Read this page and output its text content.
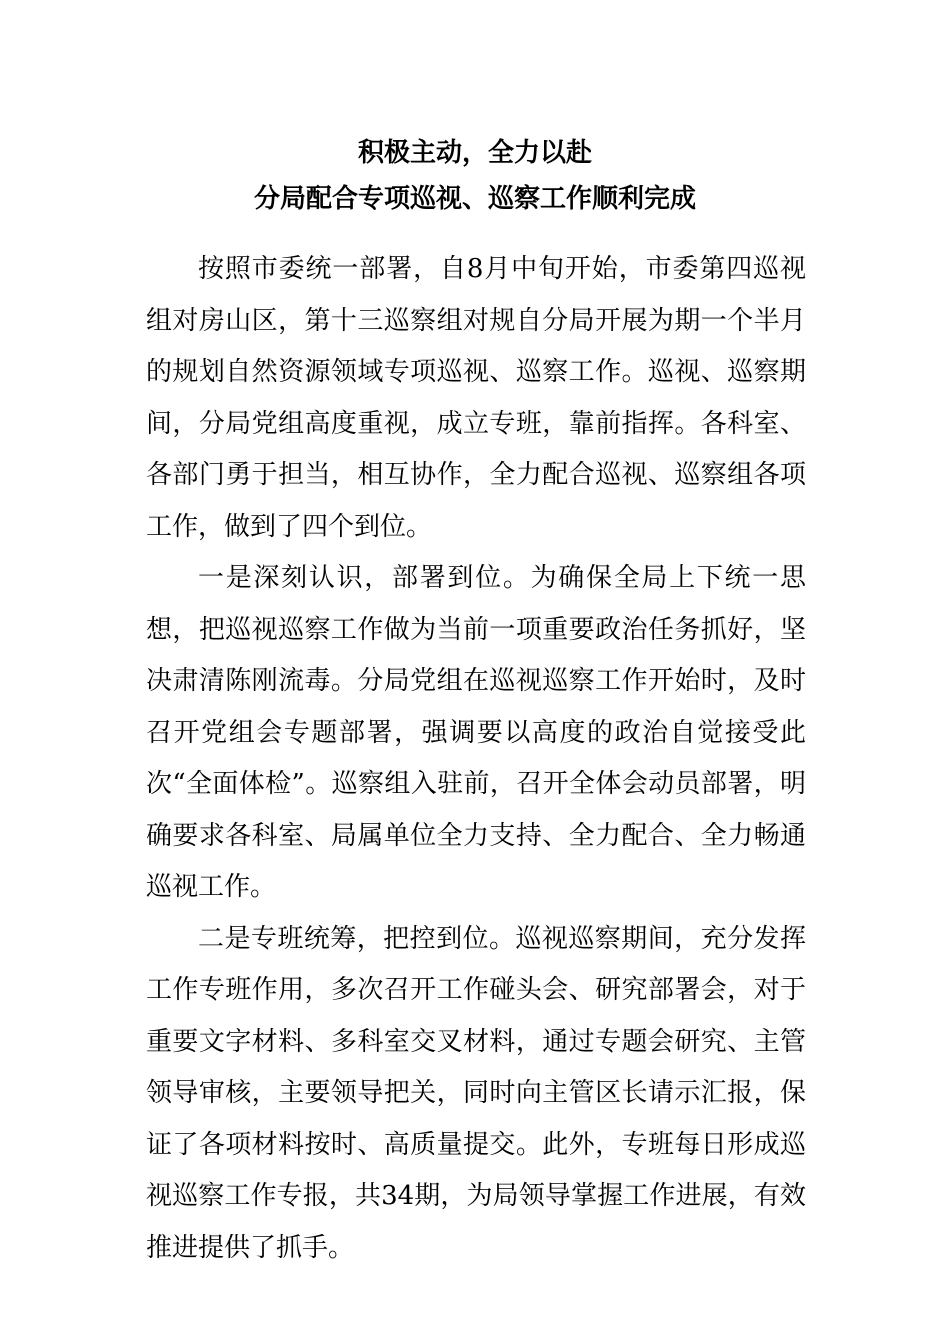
积极主动，全力以赴
分局配合专项巡视、巡察工作顺利完成

按照市委统一部署，自8月中旬开始，市委第四巡视组对房山区，第十三巡察组对规自分局开展为期一个半月的规划自然资源领域专项巡视、巡察工作。巡视、巡察期间，分局党组高度重视，成立专班，靠前指挥。各科室、各部门勇于担当，相互协作，全力配合巡视、巡察组各项工作，做到了四个到位。

一是深刻认识，部署到位。为确保全局上下统一思想，把巡视巡察工作做为当前一项重要政治任务抓好，坚决肃清陈刚流毒。分局党组在巡视巡察工作开始时，及时召开党组会专题部署，强调要以高度的政治自觉接受此次“全面体检”。巡察组入驻前，召开全体会动员部署，明确要求各科室、局属单位全力支持、全力配合、全力畅通巡视工作。

二是专班统筹，把控到位。巡视巡察期间，充分发挥工作专班作用，多次召开工作碰头会、研究部署会，对于重要文字材料、多科室交叉材料，通过专题会研究、主管领导审核，主要领导把关，同时向主管区长请示汇报，保证了各项材料按时、高质量提交。此外，专班每日形成巡视巡察工作专报，共34期，为局领导掌握工作进展，有效推进提供了抓手。
